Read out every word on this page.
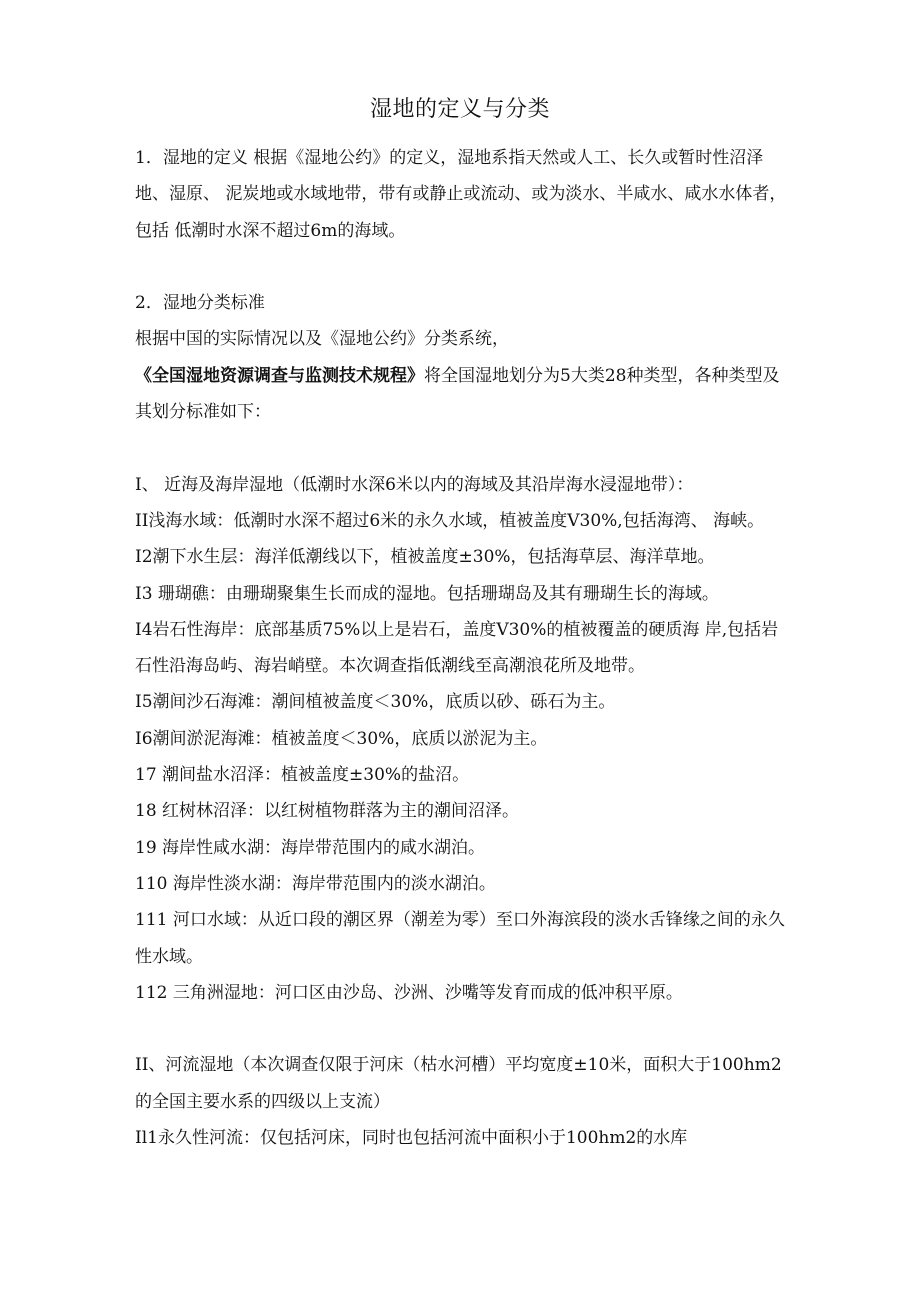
湿地的定义与分类

1．湿地的定义 根据《湿地公约》的定义，湿地系指天然或人工、长久或暂时性沼泽地、湿原、 泥炭地或水域地带，带有或静止或流动、或为淡水、半咸水、咸水水体者，包括 低潮时水深不超过6m的海域。

2．湿地分类标准

根据中国的实际情况以及《湿地公约》分类系统，《全国湿地资源调查与监测技术规程》将全国湿地划分为5大类28种类型，各种类型及其划分标准如下：

I、 近海及海岸湿地（低潮时水深6米以内的海域及其沿岸海水浸湿地带）：

II浅海水域：低潮时水深不超过6米的永久水域，植被盖度V30%,包括海湾、 海峡。

I2潮下水生层：海洋低潮线以下，植被盖度±30%，包括海草层、海洋草地。

I3 珊瑚礁：由珊瑚聚集生长而成的湿地。包括珊瑚岛及其有珊瑚生长的海域。

I4岩石性海岸：底部基质75%以上是岩石，盖度V30%的植被覆盖的硬质海 岸,包括岩石性沿海岛屿、海岩峭壁。本次调查指低潮线至高潮浪花所及地带。

I5潮间沙石海滩：潮间植被盖度＜30%，底质以砂、砾石为主。

I6潮间淤泥海滩：植被盖度＜30%，底质以淤泥为主。

17 潮间盐水沼泽：植被盖度±30%的盐沼。

18 红树林沼泽：以红树植物群落为主的潮间沼泽。

19 海岸性咸水湖：海岸带范围内的咸水湖泊。

110 海岸性淡水湖：海岸带范围内的淡水湖泊。

111 河口水域：从近口段的潮区界（潮差为零）至口外海滨段的淡水舌锋缘之间的永久性水域。

112 三角洲湿地：河口区由沙岛、沙洲、沙嘴等发育而成的低冲积平原。

II、河流湿地（本次调查仅限于河床（枯水河槽）平均宽度±10米，面积大于100hm2的全国主要水系的四级以上支流）

Il1永久性河流：仅包括河床，同时也包括河流中面积小于100hm2的水库
